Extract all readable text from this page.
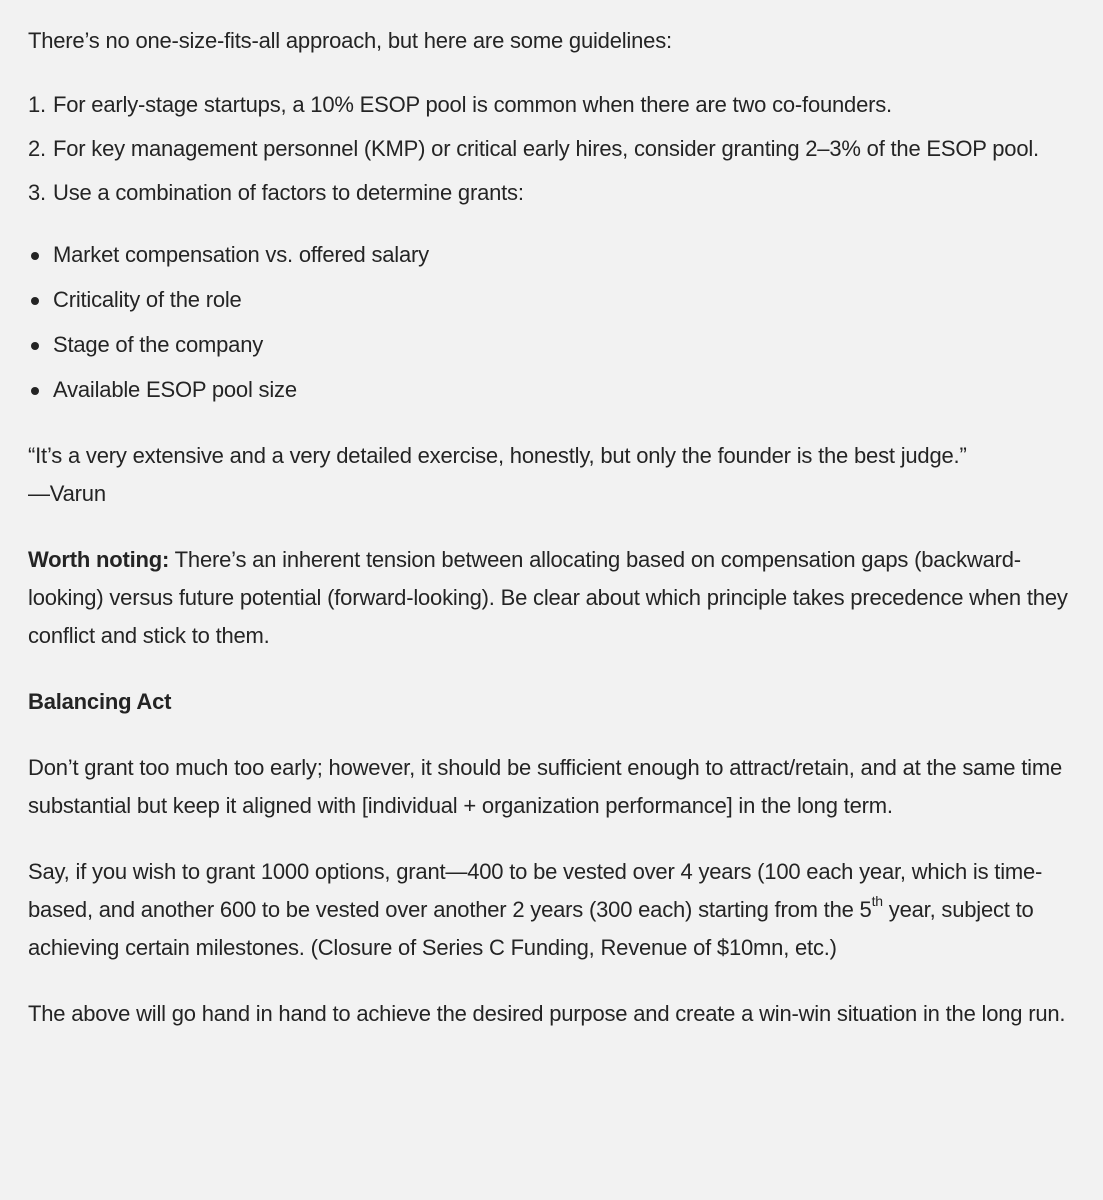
There’s no one-size-fits-all approach, but here are some guidelines:

1. For early-stage startups, a 10% ESOP pool is common when there are two co-founders.
2. For key management personnel (KMP) or critical early hires, consider granting 2–3% of the ESOP pool.
3. Use a combination of factors to determine grants:
Market compensation vs. offered salary
Criticality of the role
Stage of the company
Available ESOP pool size

“It’s a very extensive and a very detailed exercise, honestly, but only the founder is the best judge.”
—Varun

Worth noting: There’s an inherent tension between allocating based on compensation gaps (backward-looking) versus future potential (forward-looking). Be clear about which principle takes precedence when they conflict and stick to them.

Balancing Act

Don’t grant too much too early; however, it should be sufficient enough to attract/retain, and at the same time substantial but keep it aligned with [individual + organization performance] in the long term.

Say, if you wish to grant 1000 options, grant—400 to be vested over 4 years (100 each year, which is time-based, and another 600 to be vested over another 2 years (300 each) starting from the 5th year, subject to achieving certain milestones. (Closure of Series C Funding, Revenue of $10mn, etc.)

The above will go hand in hand to achieve the desired purpose and create a win-win situation in the long run.
